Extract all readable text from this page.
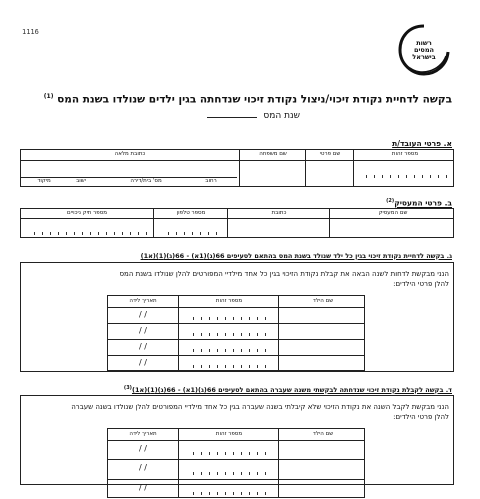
1116
רשות
המסים
בישראל
בקשה לדחיית נקודת זיכוי/ניצול נקודת זיכוי שנדחתה בגין ילדים שנולדו בשנת המס $^{(1)}$
שנת המס
א. פרטי העובד/ת
מספר זהות
שם פרטי
שם משפחה
כתובת מלאה
רחוב
מס' בית/דירה
ישוב
מיקוד
ב. פרטי המעסיק$^{(2)}$
שם המעסיק
כתובת
מספר טלפון
מספר תיק ניכויים
ג. בקשה לדחיית נקודת זיכוי בגין כל ילד שנולד בשנת המס בהתאם לסעיפים 66(ג)(1א) - 66(ג)(1)(א1)
הנני מבקשת לדחות לשנה הבאה את קבלת נקודת הזיכוי בגין כל אחד מילדיי המפורטים להלן שנולדו בשנת המס
להלן פרטי הילדים:
שם הילד
מספר זהות
תאריך לידה
/ /
/ /
/ /
/ /
ד. בקשה לקבלת נקודת זיכוי שנדחתה לבקשתי משנה שעברה בהתאם לסעיפים 66(ג)(1א) - 66(ג)(1)(א1)$^{(3)}$
הנני מבקשת לקבל השנה את נקודת הזיכוי שלא קיבלתי בשנה שעברה בגין כל אחד מילדיי המפורטים להלן שנולדו בשנה שעברה
להלן פרטי הילדים:
שם הילד
מספר זהות
תאריך לידה
/ /
/ /
/ /
